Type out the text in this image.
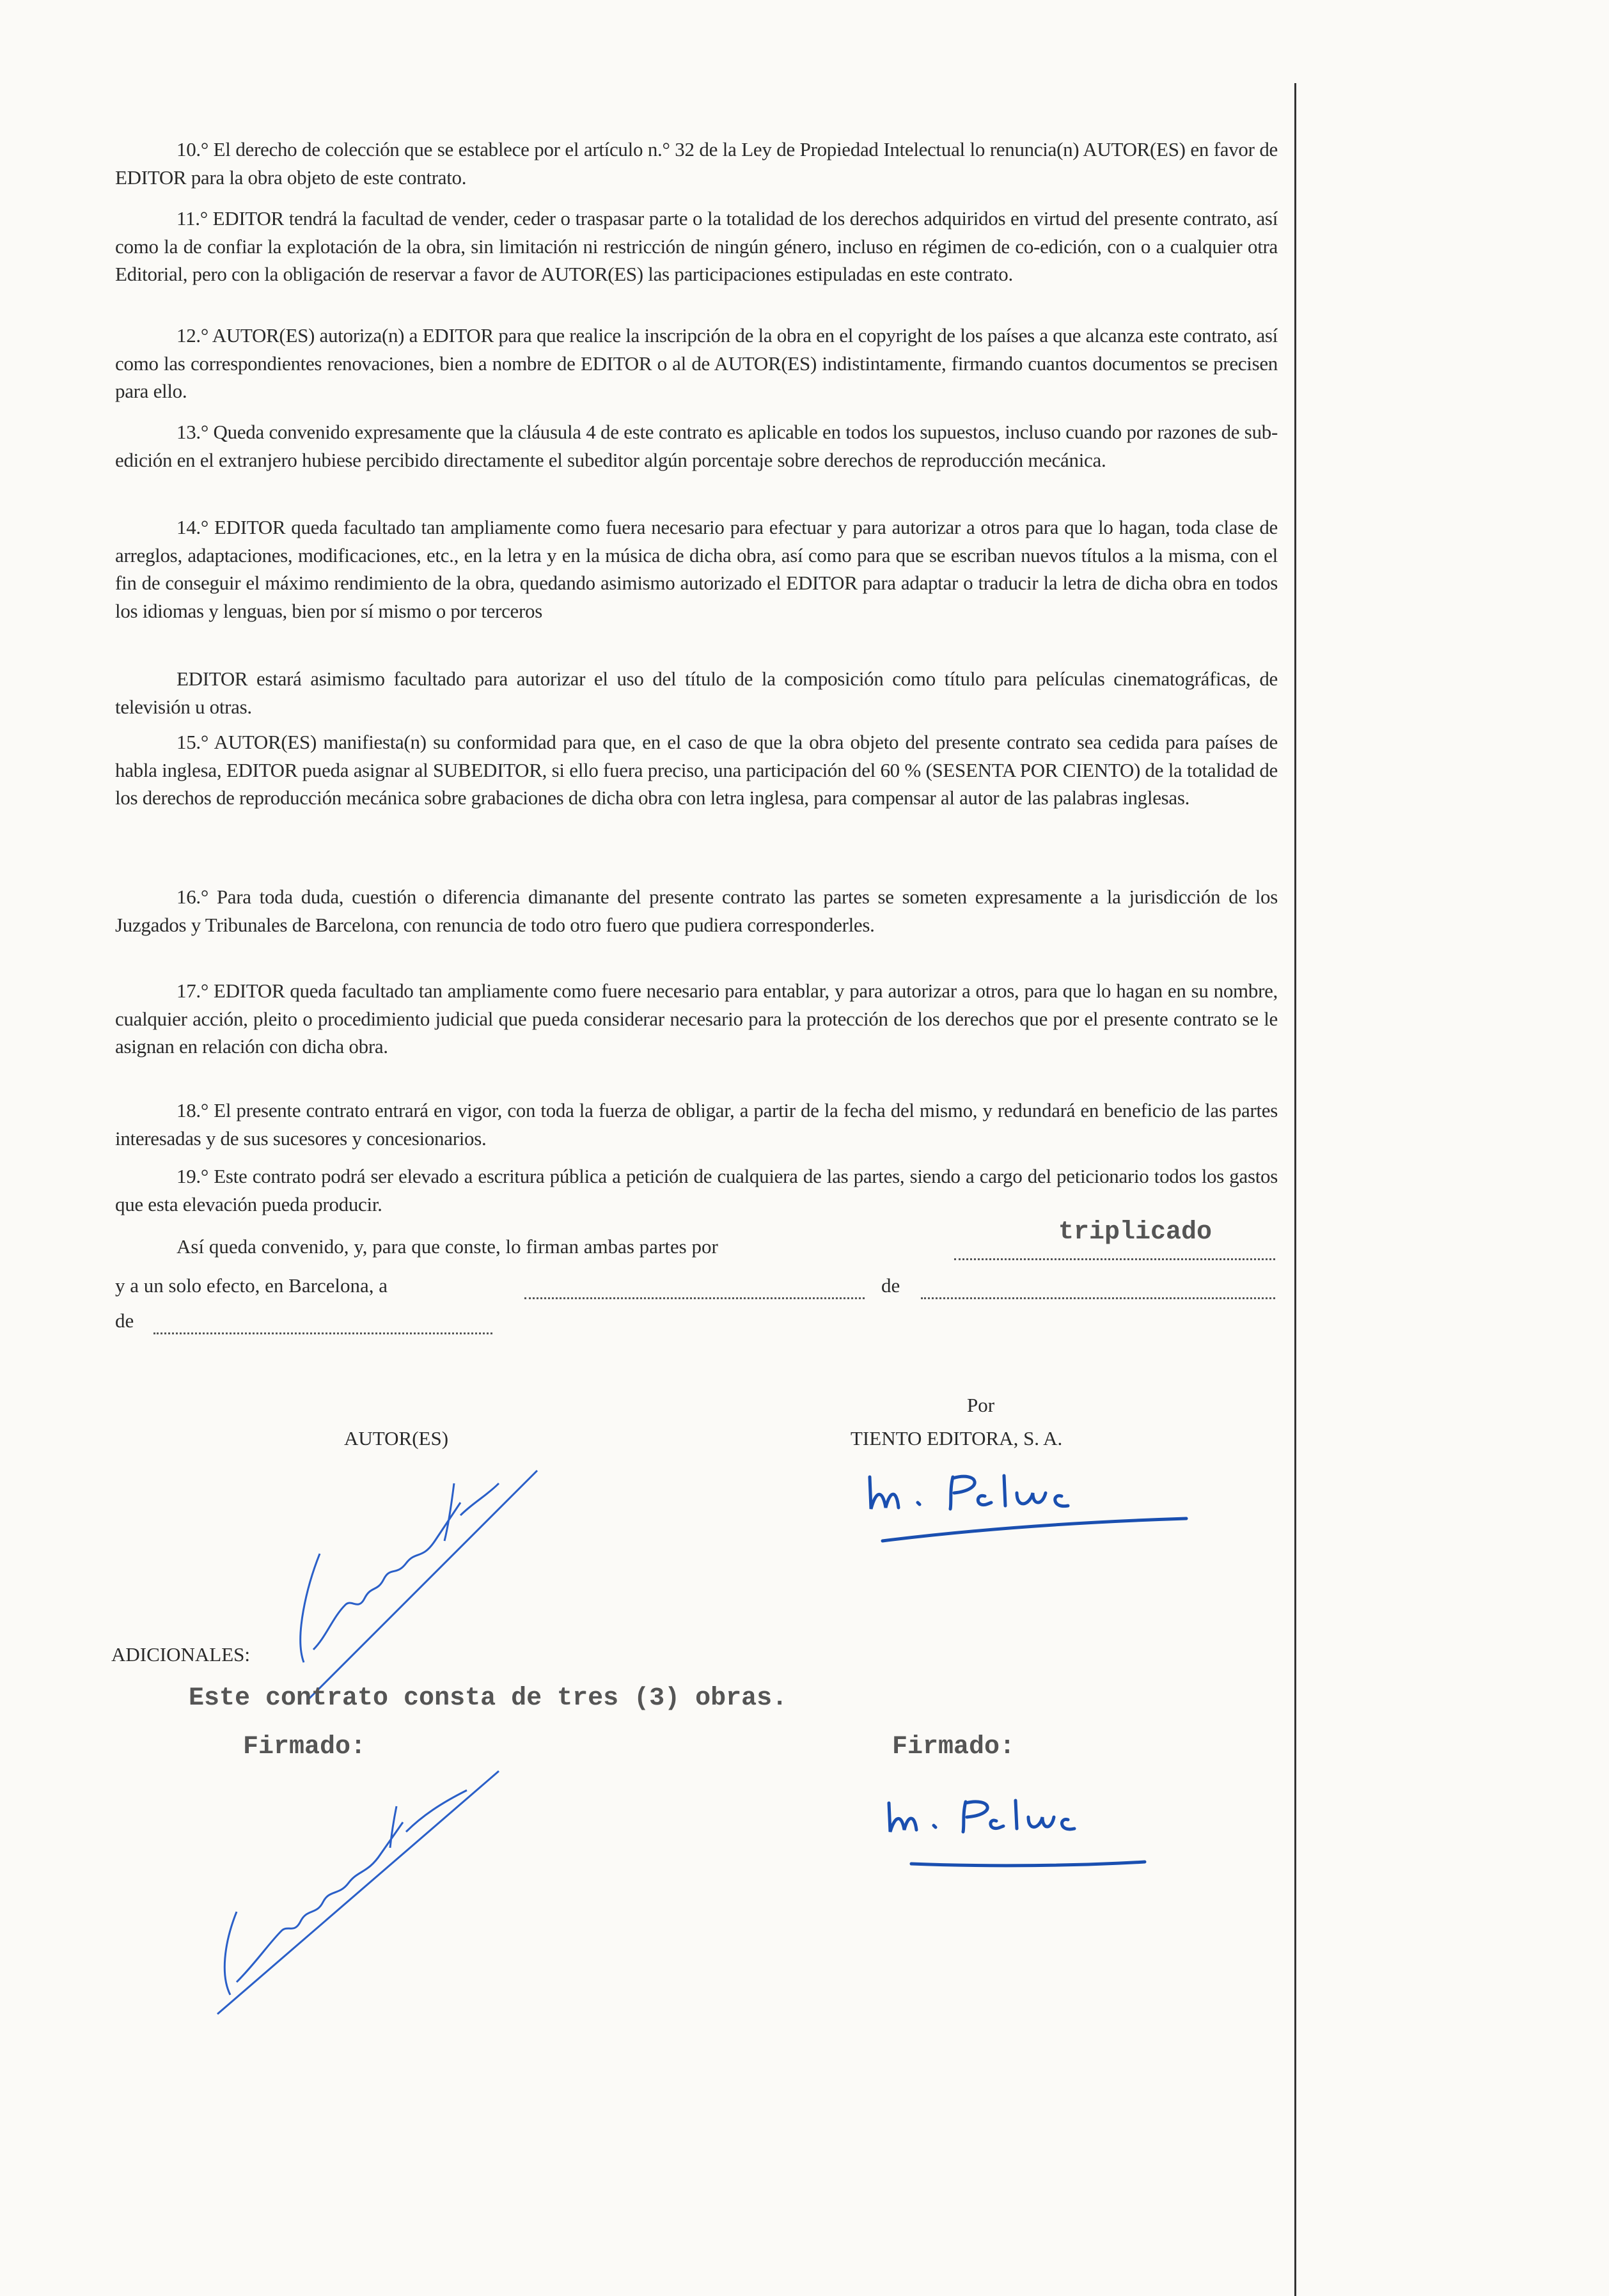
10.° El derecho de colección que se establece por el artículo n.° 32 de la Ley de Propiedad Intelectual lo renuncia(n) AUTOR(ES) en favor de EDITOR para la obra objeto de este contrato.
11.° EDITOR tendrá la facultad de vender, ceder o traspasar parte o la totalidad de los derechos adquiridos en virtud del presente contrato, así como la de confiar la explotación de la obra, sin limitación ni restricción de ningún género, incluso en régimen de co-edición, con o a cualquier otra Editorial, pero con la obligación de reservar a favor de AUTOR(ES) las participaciones estipuladas en este contrato.
12.° AUTOR(ES) autoriza(n) a EDITOR para que realice la inscripción de la obra en el copyright de los países a que alcanza este contrato, así como las correspondientes renovaciones, bien a nombre de EDITOR o al de AUTOR(ES) indistintamente, firmando cuantos documentos se precisen para ello.
13.° Queda convenido expresamente que la cláusula 4 de este contrato es aplicable en todos los supuestos, incluso cuando por razones de sub-edición en el extranjero hubiese percibido directamente el subeditor algún porcentaje sobre derechos de reproducción mecánica.
14.° EDITOR queda facultado tan ampliamente como fuera necesario para efectuar y para autorizar a otros para que lo hagan, toda clase de arreglos, adaptaciones, modificaciones, etc., en la letra y en la música de dicha obra, así como para que se escriban nuevos títulos a la misma, con el fin de conseguir el máximo rendimiento de la obra, quedando asimismo autorizado el EDITOR para adaptar o traducir la letra de dicha obra en todos los idiomas y lenguas, bien por sí mismo o por terceros
EDITOR estará asimismo facultado para autorizar el uso del título de la composición como título para películas cinematográficas, de televisión u otras.
15.° AUTOR(ES) manifiesta(n) su conformidad para que, en el caso de que la obra objeto del presente contrato sea cedida para países de habla inglesa, EDITOR pueda asignar al SUBEDITOR, si ello fuera preciso, una participación del 60 % (SESENTA POR CIENTO) de la totalidad de los derechos de reproducción mecánica sobre grabaciones de dicha obra con letra inglesa, para compensar al autor de las palabras inglesas.
16.° Para toda duda, cuestión o diferencia dimanante del presente contrato las partes se someten expresamente a la jurisdicción de los Juzgados y Tribunales de Barcelona, con renuncia de todo otro fuero que pudiera corresponderles.
17.° EDITOR queda facultado tan ampliamente como fuere necesario para entablar, y para autorizar a otros, para que lo hagan en su nombre, cualquier acción, pleito o procedimiento judicial que pueda considerar necesario para la protección de los derechos que por el presente contrato se le asignan en relación con dicha obra.
18.° El presente contrato entrará en vigor, con toda la fuerza de obligar, a partir de la fecha del mismo, y redundará en beneficio de las partes interesadas y de sus sucesores y concesionarios.
19.° Este contrato podrá ser elevado a escritura pública a petición de cualquiera de las partes, siendo a cargo del peticionario todos los gastos que esta elevación pueda producir.
Así queda convenido, y, para que conste, lo firman ambas partes por	triplicado
y a un solo efecto, en Barcelona, a	de
de
Por
AUTOR(ES)	TIENTO EDITORA, S. A.
ADICIONALES:
Este contrato consta de tres (3) obras.
Firmado:	Firmado:
